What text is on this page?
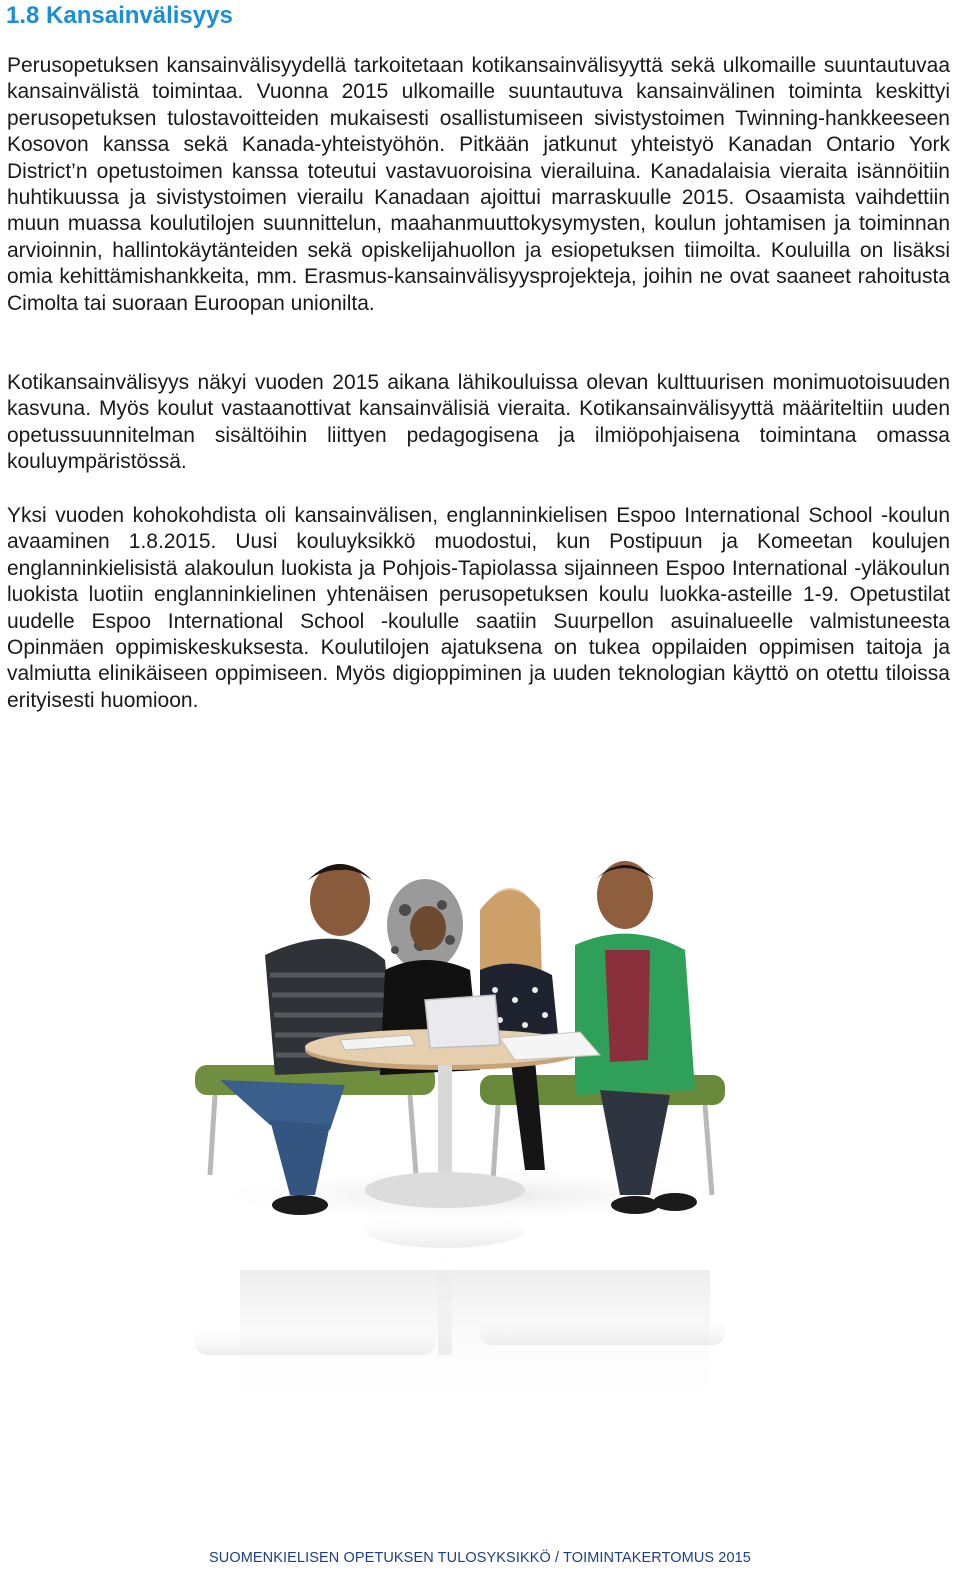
1.8 Kansainvälisyys

Perusopetuksen kansainvälisyydellä tarkoitetaan kotikansainvälisyyttä sekä ulkomaille suuntautuvaa kansainvälistä toimintaa. Vuonna 2015 ulkomaille suuntautuva kansainvälinen toiminta keskittyi perusopetuksen tulostavoitteiden mukaisesti osallistumiseen sivistystoimen Twinning-hankkeeseen Kosovon kanssa sekä Kanada-yhteistyöhön. Pitkään jatkunut yhteistyö Kanadan Ontario York District’n opetustoimen kanssa toteutui vastavuoroisina vierailuina. Kanadalaisia vieraita isännöitiin huhtikuussa ja sivistystoimen vierailu Kanadaan ajoittui marraskuulle 2015. Osaamista vaihdettiin muun muassa koulutilojen suunnittelun, maahanmuuttokysymysten, koulun johtamisen ja toiminnan arvioinnin, hallintokäytänteiden sekä opiskelijahuollon ja esiopetuksen tiimoilta. Kouluilla on lisäksi omia kehittämishankkeita, mm. Erasmus-kansainvälisyysprojekteja, joihin ne ovat saaneet rahoitusta Cimolta tai suoraan Euroopan unionilta.

Kotikansainvälisyys näkyi vuoden 2015 aikana lähikouluissa olevan kulttuurisen monimuotoisuuden kasvuna. Myös koulut vastaanottivat kansainvälisiä vieraita. Kotikansainvälisyyttä määriteltiin uuden opetussuunnitelman sisältöihin liittyen pedagogisena ja ilmiöpohjaisena toimintana omassa kouluympäristössä.

Yksi vuoden kohokohdista oli kansainvälisen, englanninkielisen Espoo International School -koulun avaaminen 1.8.2015. Uusi kouluyksikkö muodostui, kun Postipuun ja Komeetan koulujen englanninkielisistä alakoulun luokista ja Pohjois-Tapiolassa sijainneen Espoo International -yläkoulun luokista luotiin englanninkielinen yhtenäisen perusopetuksen koulu luokka-asteille 1-9. Opetustilat uudelle Espoo International School -koululle saatiin Suurpellon asuinalueelle valmistuneesta Opinmäen oppimiskeskuksesta. Koulutilojen ajatuksena on tukea oppilaiden oppimisen taitoja ja valmiutta elinikäiseen oppimiseen. Myös digioppiminen ja uuden teknologian käyttö on otettu tiloissa erityisesti huomioon.

SUOMENKIELISEN OPETUKSEN TULOSYKSIKKÖ / TOIMINTAKERTOMUS 2015
